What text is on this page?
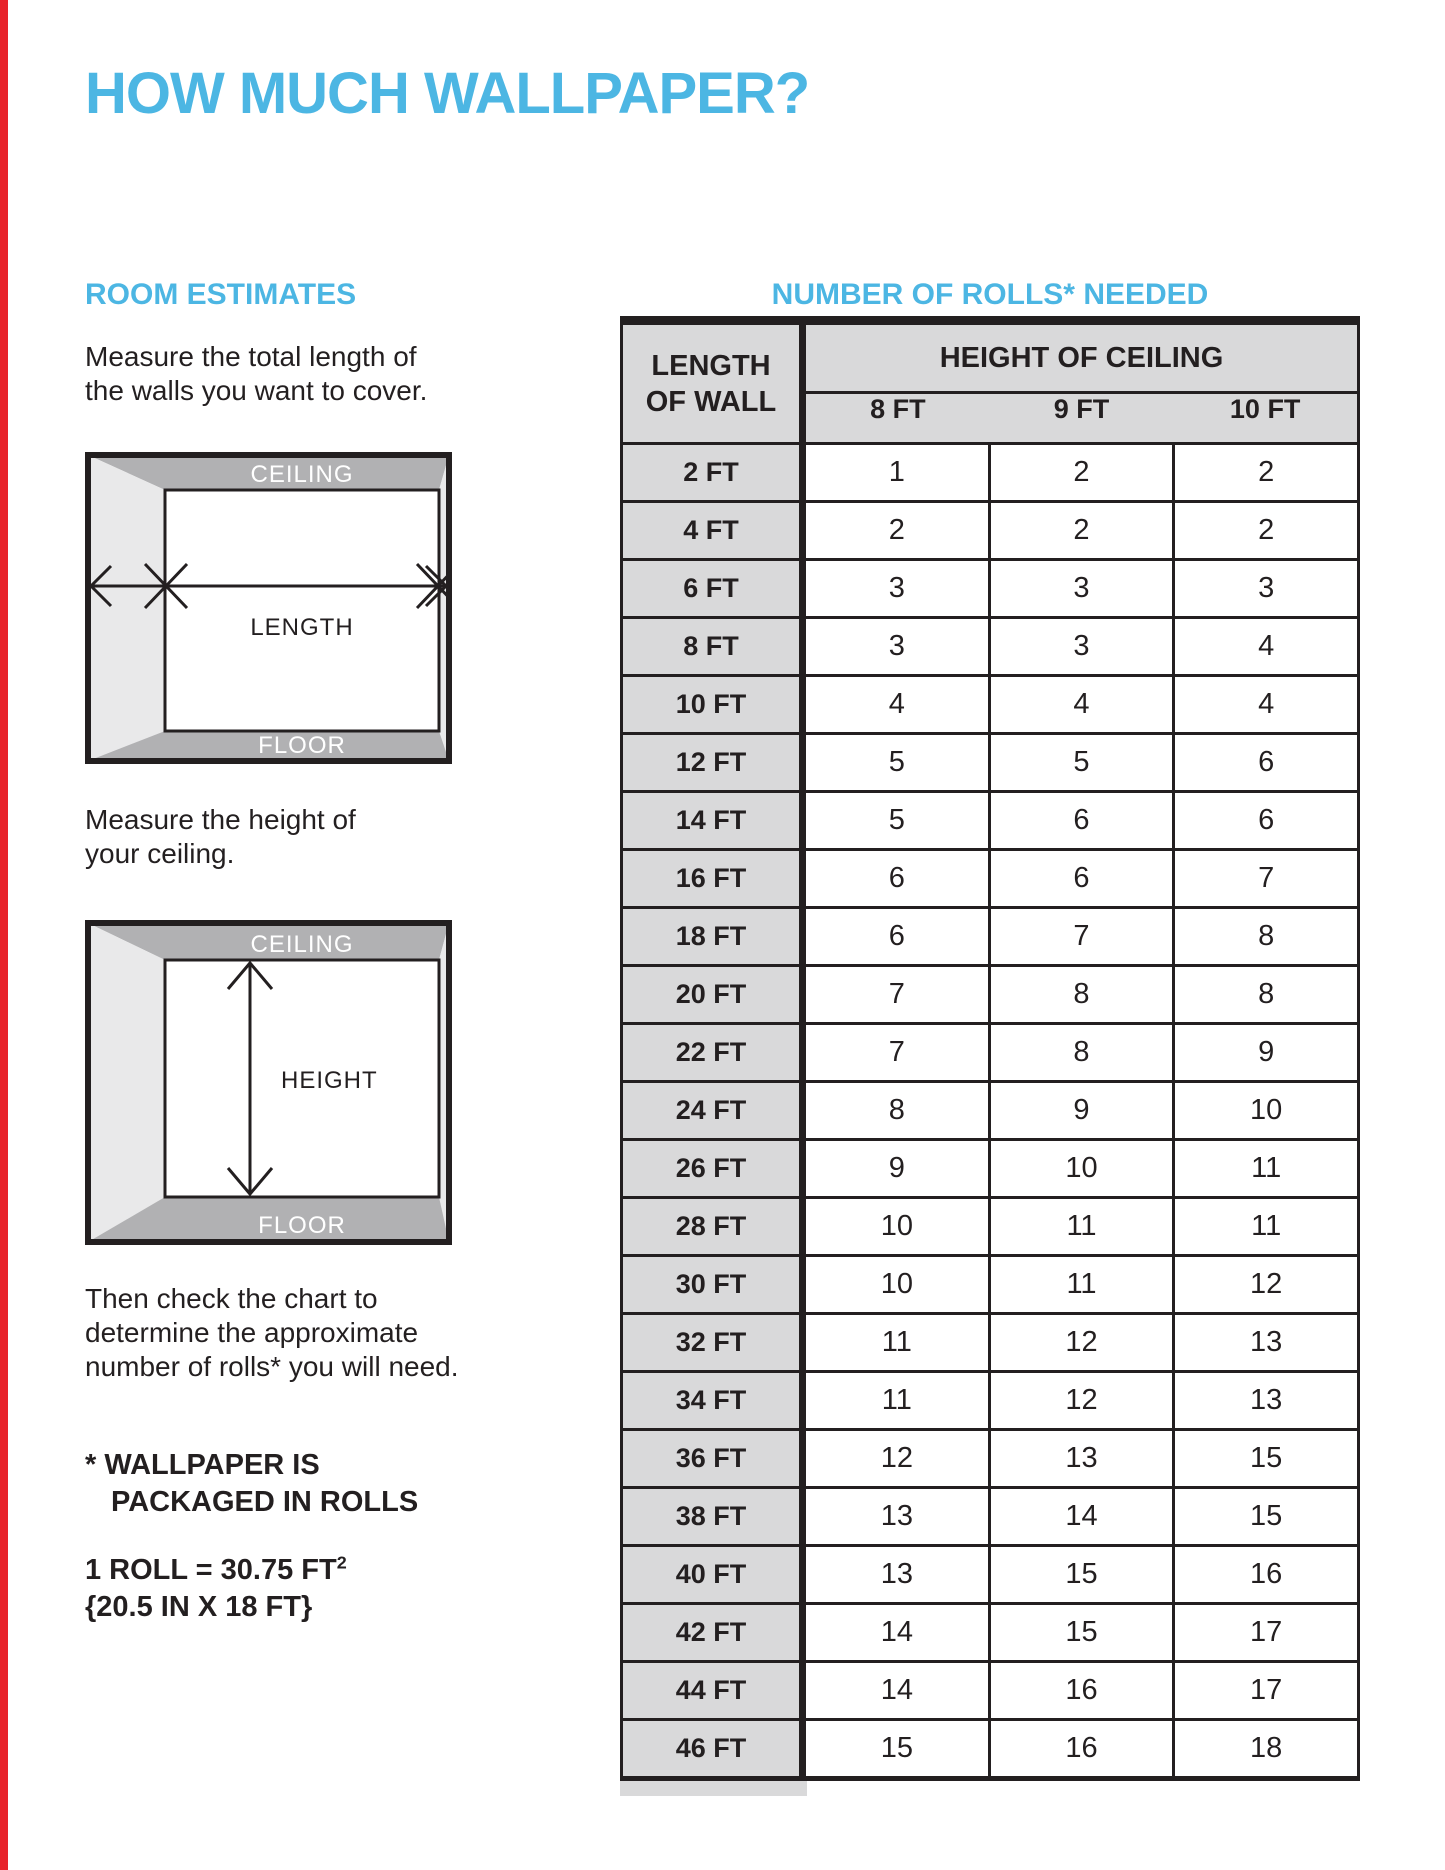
HOW MUCH WALLPAPER?
ROOM ESTIMATES	NUMBER OF ROLLS* NEEDED
Measure the total length of
the walls you want to cover.
CEILING
FLOOR
LENGTH
Measure the height of
your ceiling.
CEILING
FLOOR
HEIGHT
Then check the chart to
determine the approximate
number of rolls* you will need.
* WALLPAPER IS
PACKAGED IN ROLLS
1 ROLL = 30.75 $FT^2$
{20.5 IN X 18 FT}
LENGTH
OF WALL
HEIGHT OF CEILING
8 FT	9 FT	10 FT
2 FT	1	2	2
4 FT	2	2	2
6 FT	3	3	3
8 FT	3	3	4
10 FT	4	4	4
12 FT	5	5	6
14 FT	5	6	6
16 FT	6	6	7
18 FT	6	7	8
20 FT	7	8	8
22 FT	7	8	9
24 FT	8	9	10
26 FT	9	10	11
28 FT	10	11	11
30 FT	10	11	12
32 FT	11	12	13
34 FT	11	12	13
36 FT	12	13	15
38 FT	13	14	15
40 FT	13	15	16
42 FT	14	15	17
44 FT	14	16	17
46 FT	15	16	18
